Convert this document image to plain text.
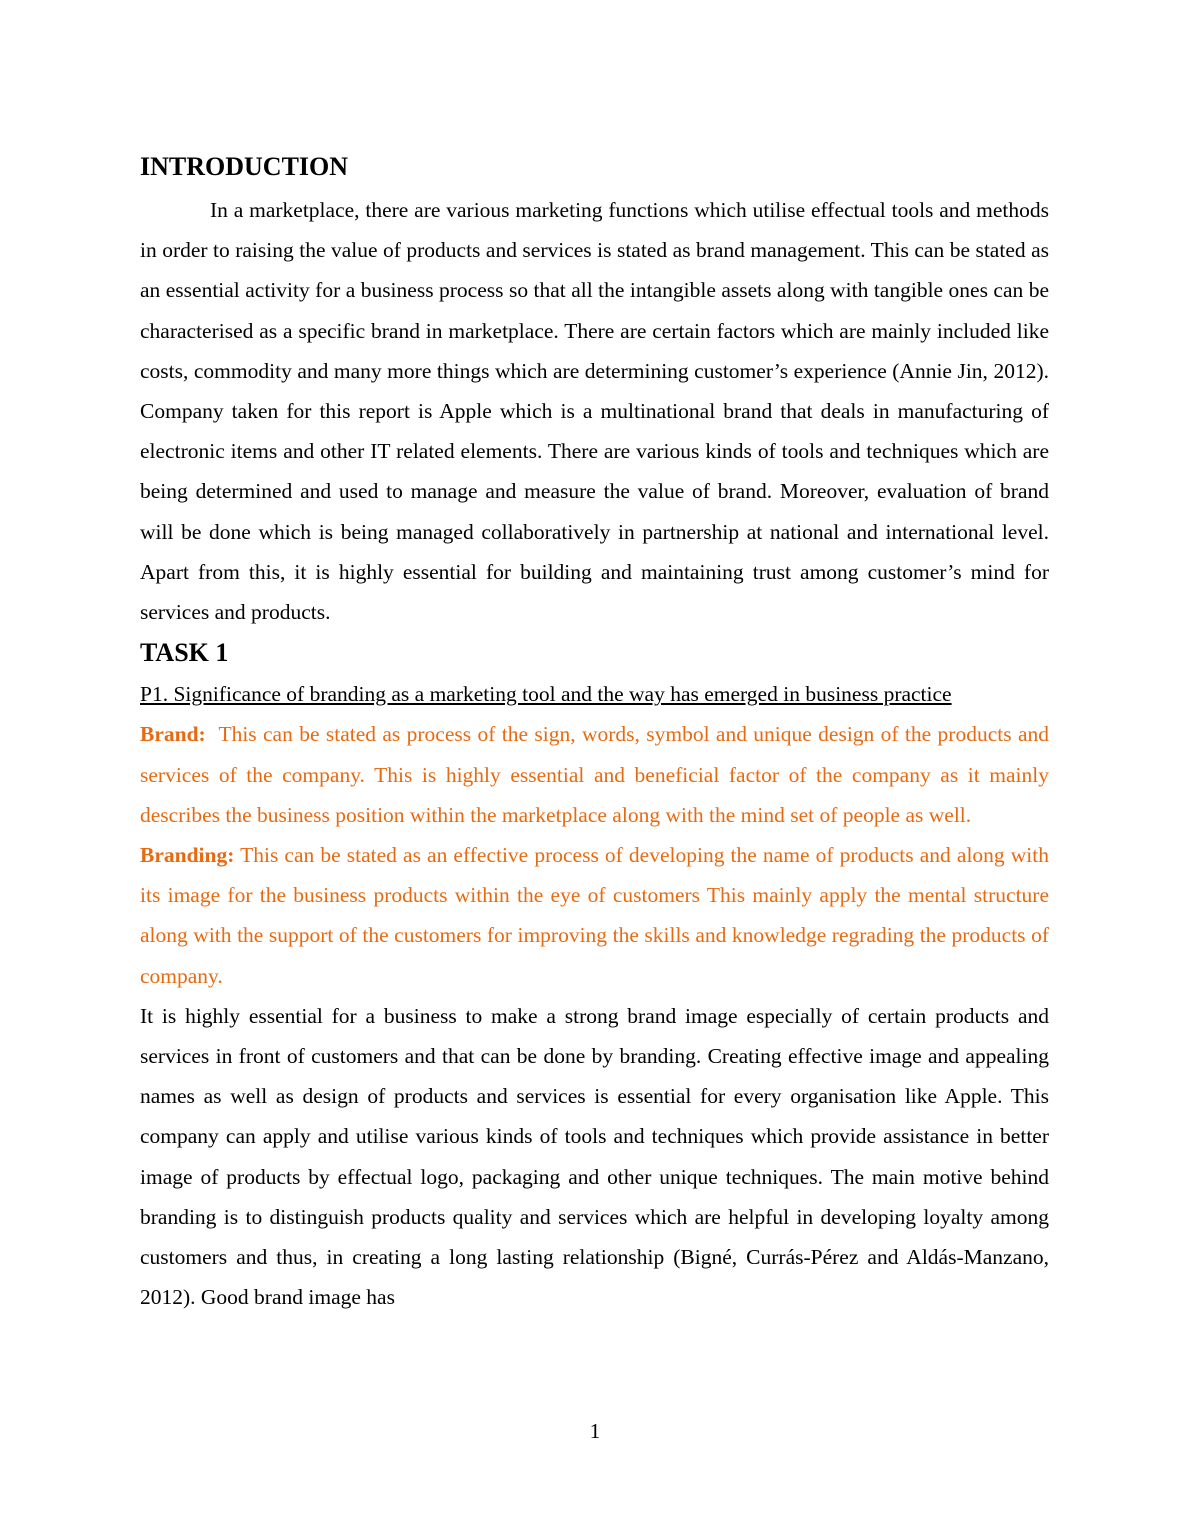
INTRODUCTION

In a marketplace, there are various marketing functions which utilise effectual tools and methods in order to raising the value of products and services is stated as brand management. This can be stated as an essential activity for a business process so that all the intangible assets along with tangible ones can be characterised as a specific brand in marketplace. There are certain factors which are mainly included like costs, commodity and many more things which are determining customer’s experience (Annie Jin, 2012). Company taken for this report is Apple which is a multinational brand that deals in manufacturing of electronic items and other IT related elements. There are various kinds of tools and techniques which are being determined and used to manage and measure the value of brand. Moreover, evaluation of brand will be done which is being managed collaboratively in partnership at national and international level. Apart from this, it is highly essential for building and maintaining trust among customer’s mind for services and products.

TASK 1

P1. Significance of branding as a marketing tool and the way has emerged in business practice

Brand: This can be stated as process of the sign, words, symbol and unique design of the products and services of the company. This is highly essential and beneficial factor of the company as it mainly describes the business position within the marketplace along with the mind set of people as well.

Branding: This can be stated as an effective process of developing the name of products and along with its image for the business products within the eye of customers This mainly apply the mental structure along with the support of the customers for improving the skills and knowledge regrading the products of company.

It is highly essential for a business to make a strong brand image especially of certain products and services in front of customers and that can be done by branding. Creating effective image and appealing names as well as design of products and services is essential for every organisation like Apple. This company can apply and utilise various kinds of tools and techniques which provide assistance in better image of products by effectual logo, packaging and other unique techniques. The main motive behind branding is to distinguish products quality and services which are helpful in developing loyalty among customers and thus, in creating a long lasting relationship (Bigné, Currás-Pérez and Aldás-Manzano, 2012). Good brand image has

1
